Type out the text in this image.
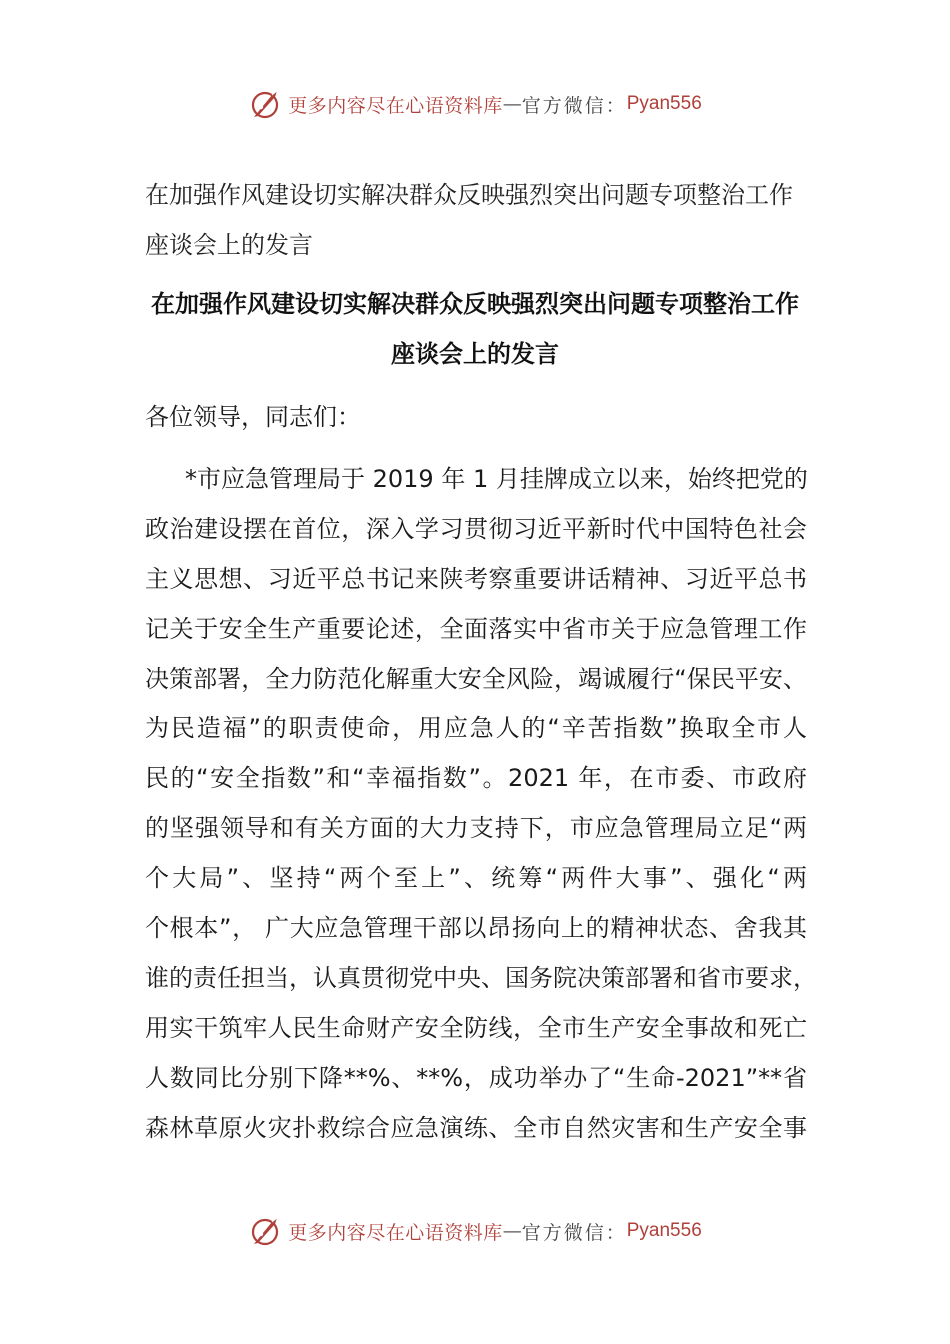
更多内容尽在心语资料库 — 官方微信： Pyan556
在加强作风建设切实解决群众反映强烈突出问题专项整治工作
座谈会上的发言
在加强作风建设切实解决群众反映强烈突出问题专项整治工作
座谈会上的发言

各位领导，同志们：

*市应急管理局于 2019 年 1 月挂牌成立以来，始终把党的
政治建设摆在首位，深入学习贯彻习近平新时代中国特色社会
主义思想、习近平总书记来陕考察重要讲话精神、习近平总书
记关于安全生产重要论述，全面落实中省市关于应急管理工作
决策部署，全力防范化解重大安全风险，竭诚履行“保民平安、
为民造福”的职责使命，用应急人的“辛苦指数”换取全市人
民的“安全指数”和“幸福指数”。2021 年，在市委、市政府
的坚强领导和有关方面的大力支持下，市应急管理局立足“两
个大局”、坚持“两个至上”、统筹“两件大事”、强化“两
个根本”， 广大应急管理干部以昂扬向上的精神状态、舍我其
谁的责任担当，认真贯彻党中央、国务院决策部署和省市要求，
用实干筑牢人民生命财产安全防线，全市生产安全事故和死亡
人数同比分别下降**%、**%，成功举办了“生命-2021”**省
森林草原火灾扑救综合应急演练、全市自然灾害和生产安全事
更多内容尽在心语资料库 — 官方微信： Pyan556
